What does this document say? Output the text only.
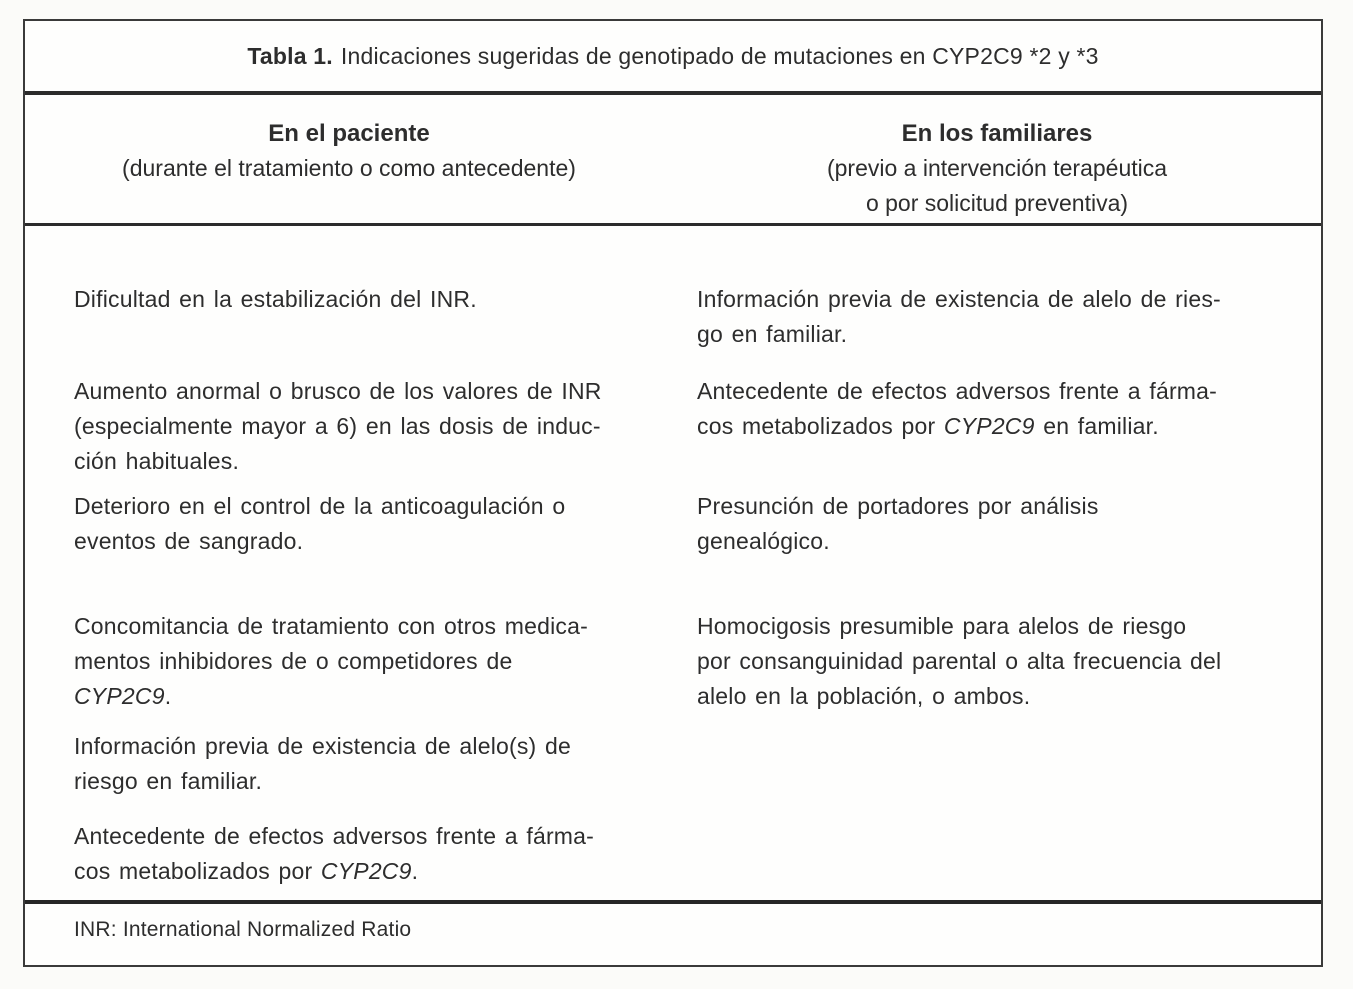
Tabla 1. Indicaciones sugeridas de genotipado de mutaciones en CYP2C9 *2 y *3
En el paciente
(durante el tratamiento o como antecedente)
En los familiares
(previo a intervención terapéutica
o por solicitud preventiva)
Dificultad en la estabilización del INR.	Información previa de existencia de alelo de ries-
go en familiar.
Aumento anormal o brusco de los valores de INR
(especialmente mayor a 6) en las dosis de induc-
ción habituales.
Antecedente de efectos adversos frente a fárma-
cos metabolizados por CYP2C9 en familiar.
Deterioro en el control de la anticoagulación o
eventos de sangrado.
Presunción de portadores por análisis
genealógico.
Concomitancia de tratamiento con otros medica-
mentos inhibidores de o competidores de
CYP2C9.
Homocigosis presumible para alelos de riesgo
por consanguinidad parental o alta frecuencia del
alelo en la población, o ambos.
Información previa de existencia de alelo(s) de
riesgo en familiar.
Antecedente de efectos adversos frente a fárma-
cos metabolizados por CYP2C9.
INR: International Normalized Ratio
